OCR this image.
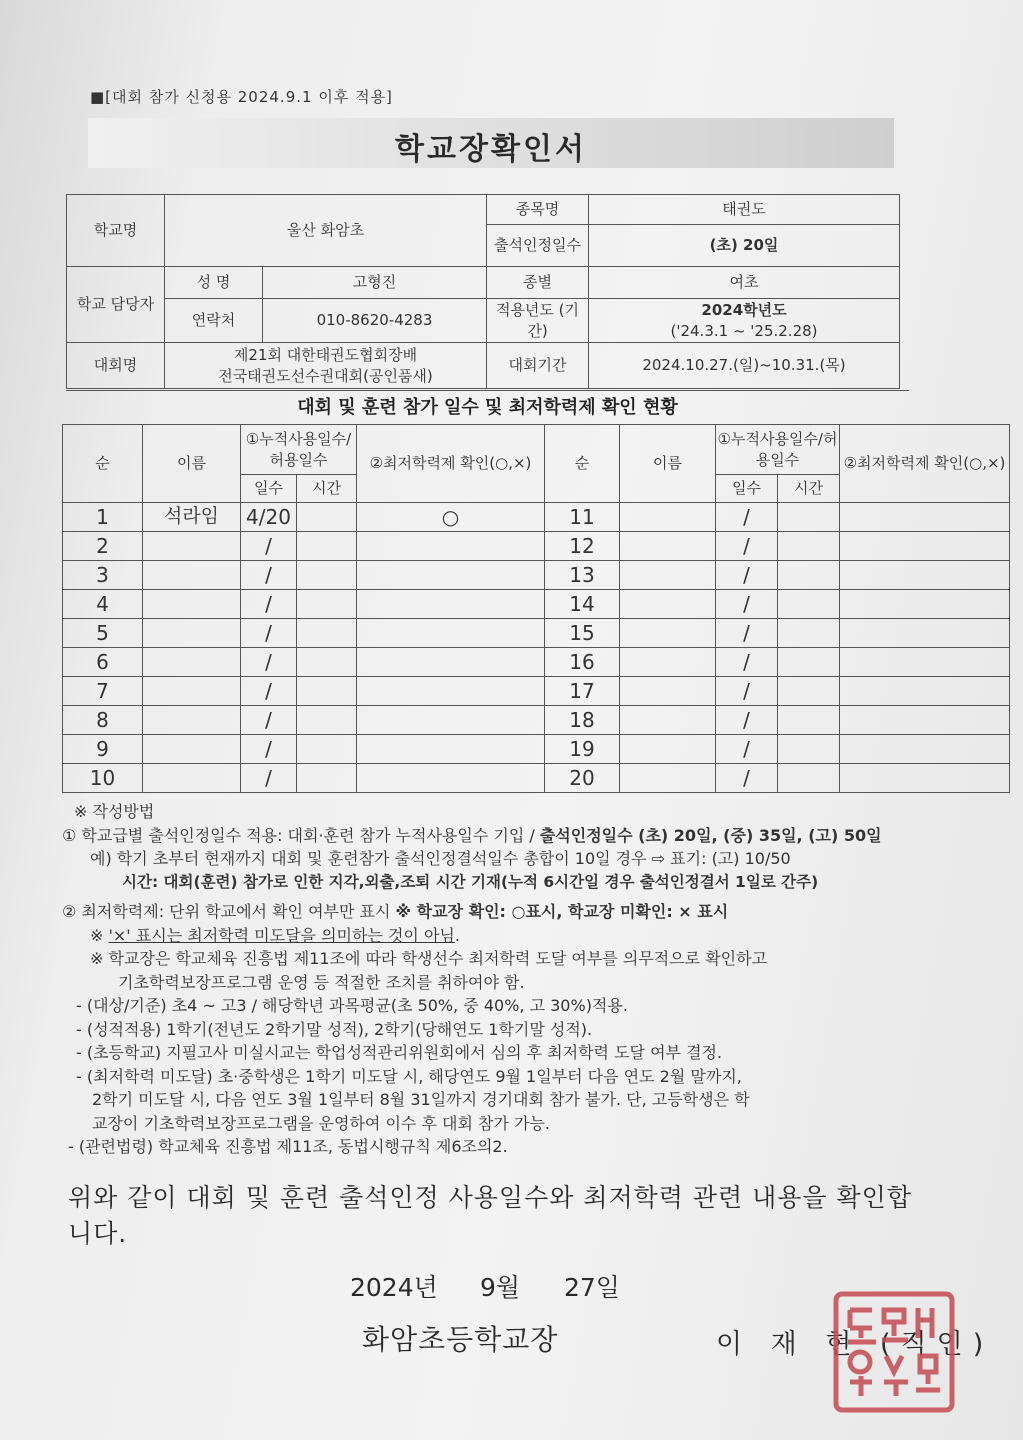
■[대회 참가 신청용 2024.9.1 이후 적용]
학교장확인서
학교명	울산 화암초		종목명	태권도
			출석인정일수	(초) 20일
학교 담당자	성 명	고형진	종별	여초
	연락처	010-8620-4283	적용년도 (기간)	2024학년도
('24.3.1 ~ '25.2.28)

대회명	제21회 대한태권도협회장배
전국태권도선수권대회(공인품새)		대회기간	2024.10.27.(일)~10.31.(목)
대회 및 훈련 참가 일수 및 최저학력제 확인 현황
순	이름	①누적사용일수/허용일수		②최저학력제 확인(○,×)	순	이름	①누적사용일수/허용일수		②최저학력제 확인(○,×)
		일수	시간				일수	시간	
1	석라임	4/20		○	11		/		
2		/			12		/		
3		/			13		/		
4		/			14		/		
5		/			15		/		
6		/			16		/		
7		/			17		/		
8		/			18		/		
9		/			19		/		
10		/			20		/		
※ 작성방법
① 학교급별 출석인정일수 적용: 대회·훈련 참가 누적사용일수 기입 / 출석인정일수 (초) 20일, (중) 35일, (고) 50일
예) 학기 초부터 현재까지 대회 및 훈련참가 출석인정결석일수 총합이 10일 경우 ⇨ 표기: (고) 10/50
시간: 대회(훈련) 참가로 인한 지각,외출,조퇴 시간 기재(누적 6시간일 경우 출석인정결서 1일로 간주)
② 최저학력제: 단위 학교에서 확인 여부만 표시 ※ 학교장 확인: ○표시, 학교장 미확인: × 표시
※ '×' 표시는 최저학력 미도달을 의미하는 것이 아님.
※ 학교장은 학교체육 진흥법 제11조에 따라 학생선수 최저학력 도달 여부를 의무적으로 확인하고
기초학력보장프로그램 운영 등 적절한 조치를 취하여야 함.
- (대상/기준) 초4 ~ 고3 / 해당학년 과목평균(초 50%, 중 40%, 고 30%)적용.
- (성적적용) 1학기(전년도 2학기말 성적), 2학기(당해연도 1학기말 성적).
- (초등학교) 지필고사 미실시교는 학업성적관리위원회에서 심의 후 최저학력 도달 여부 결정.
- (최저학력 미도달) 초·중학생은 1학기 미도달 시, 해당연도 9월 1일부터 다음 연도 2월 말까지,
2학기 미도달 시, 다음 연도 3월 1일부터 8월 31일까지 경기대회 참가 불가. 단, 고등학생은 학
교장이 기초학력보장프로그램을 운영하여 이수 후 대회 참가 가능.
- (관련법령) 학교체육 진흥법 제11조, 동법시행규칙 제6조의2.
위와 같이 대회 및 훈련 출석인정 사용일수와 최저학력 관련 내용을 확인합니다.
2024년 9월 27일
화암초등학교장	이 재 현 (직인)
